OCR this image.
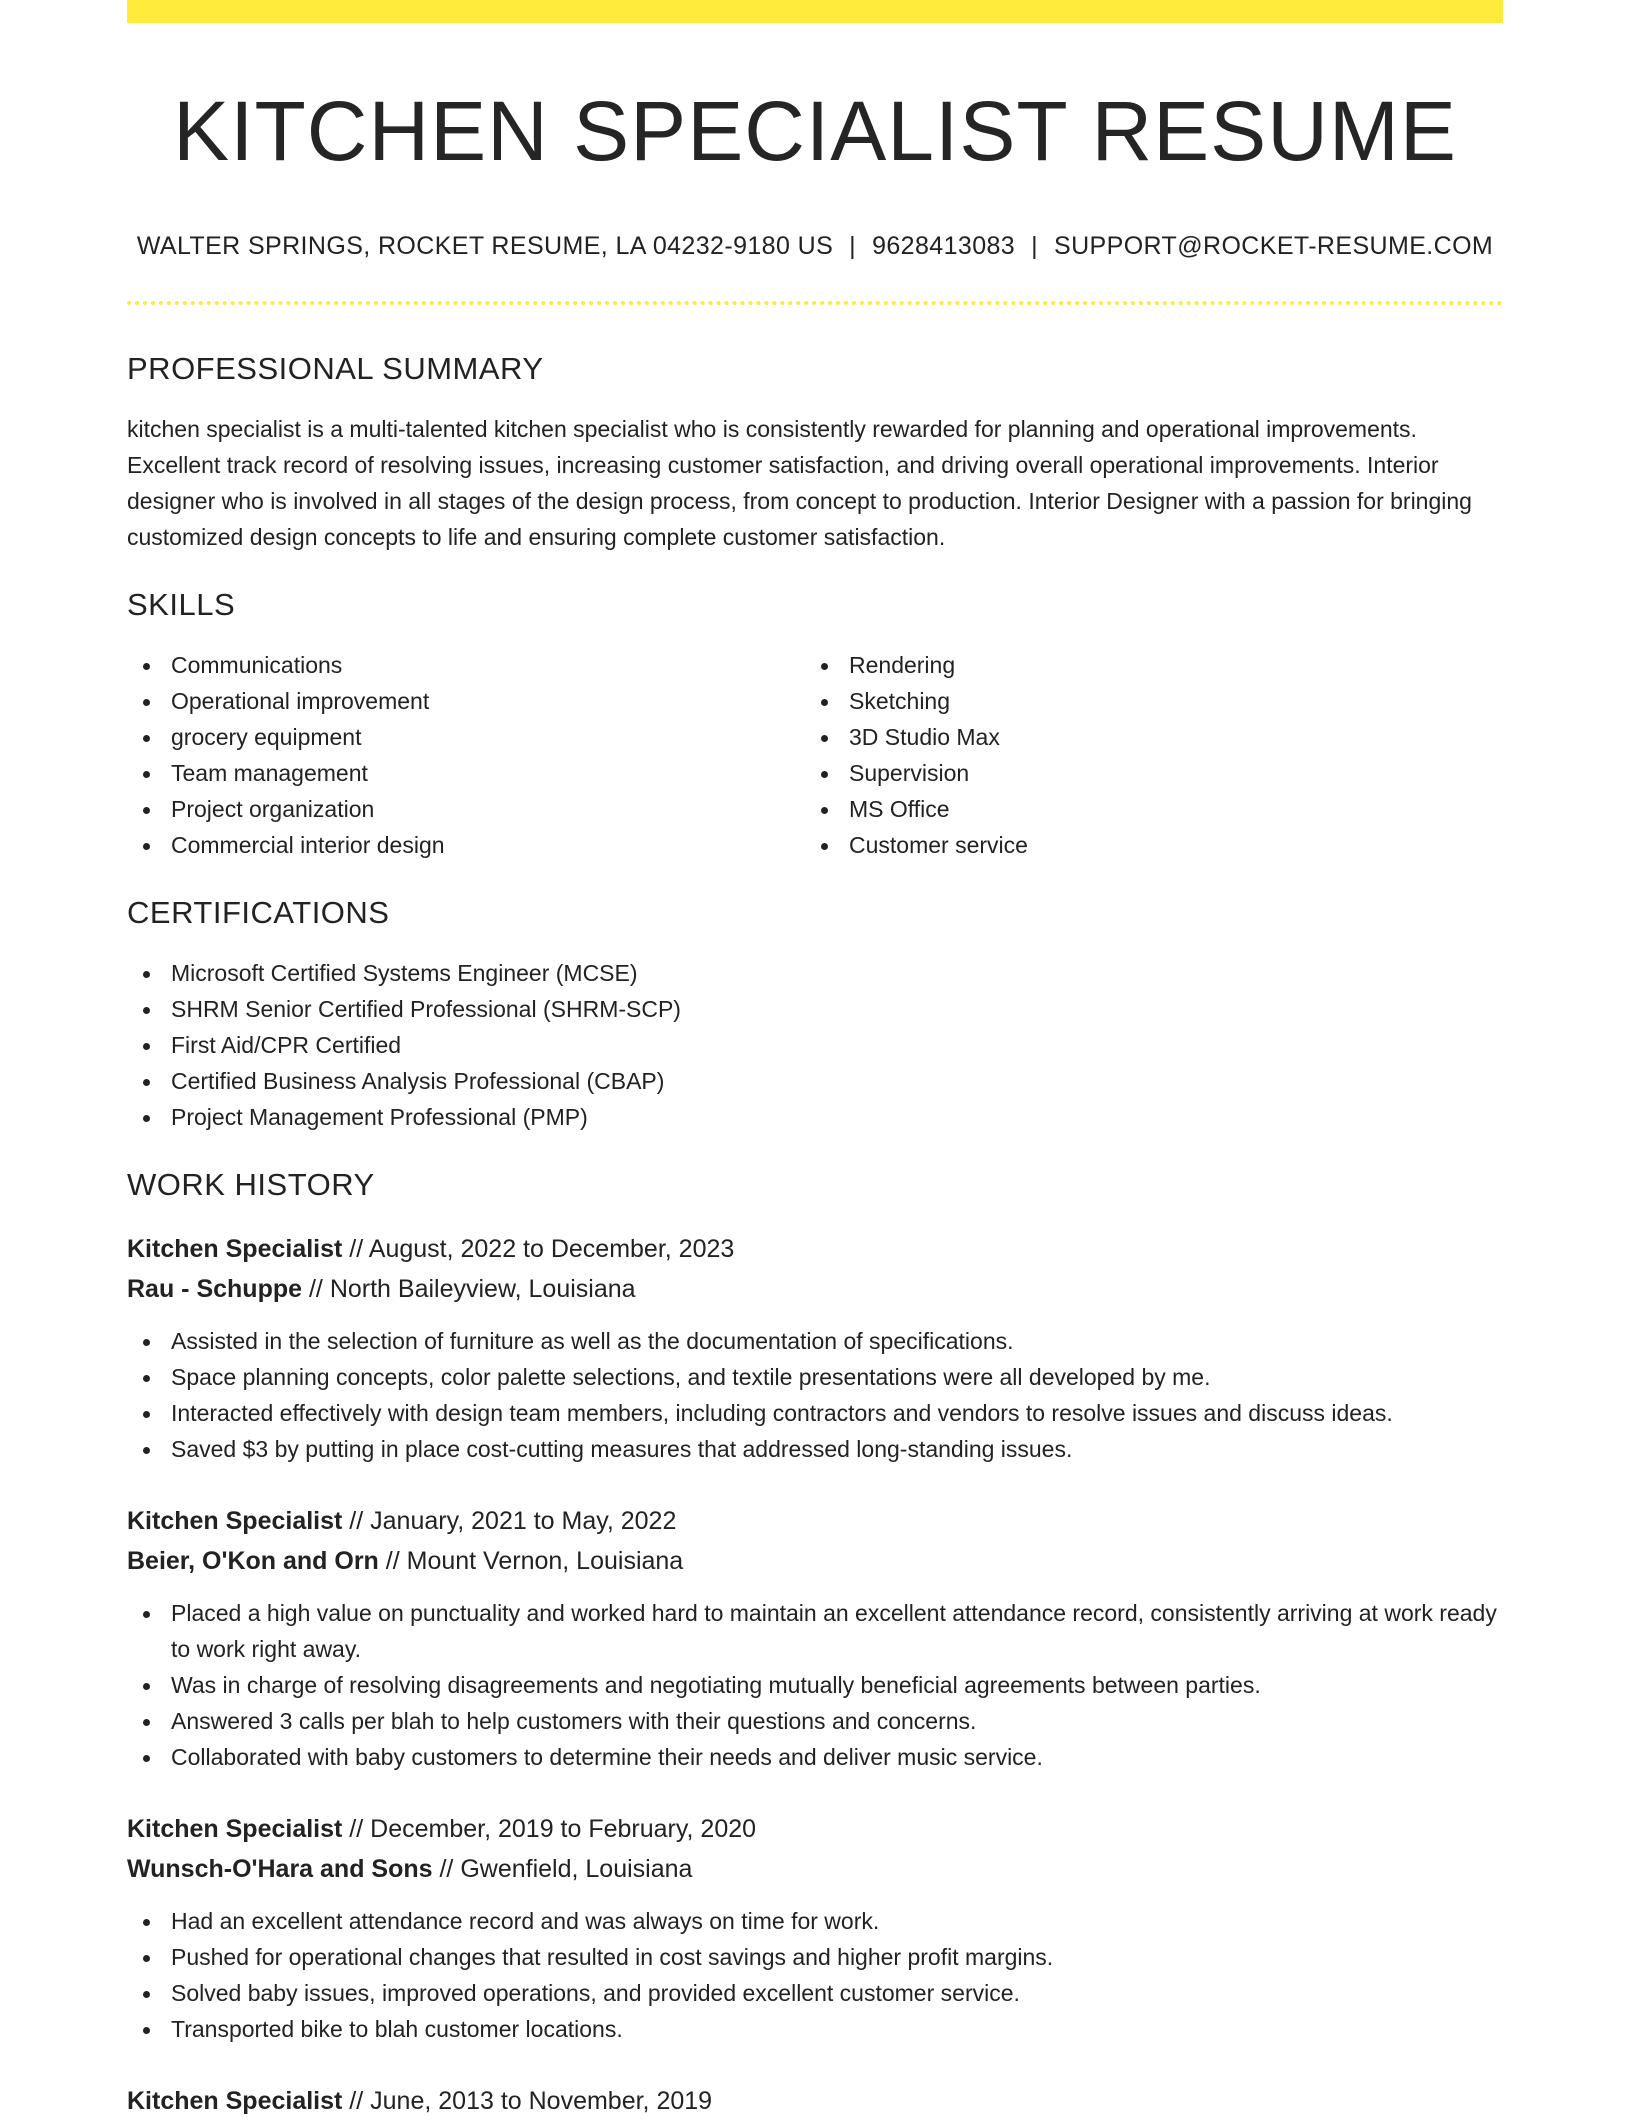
KITCHEN SPECIALIST RESUME
WALTER SPRINGS, ROCKET RESUME, LA 04232-9180 US | 9628413083 | SUPPORT@ROCKET-RESUME.COM
PROFESSIONAL SUMMARY

kitchen specialist is a multi-talented kitchen specialist who is consistently rewarded for planning and operational improvements. Excellent track record of resolving issues, increasing customer satisfaction, and driving overall operational improvements. Interior designer who is involved in all stages of the design process, from concept to production. Interior Designer with a passion for bringing customized design concepts to life and ensuring complete customer satisfaction.

SKILLS
Communications
Operational improvement
grocery equipment
Team management
Project organization
Commercial interior design
Rendering
Sketching
3D Studio Max
Supervision
MS Office
Customer service
CERTIFICATIONS
Microsoft Certified Systems Engineer (MCSE)
SHRM Senior Certified Professional (SHRM-SCP)
First Aid/CPR Certified
Certified Business Analysis Professional (CBAP)
Project Management Professional (PMP)
WORK HISTORY
Kitchen Specialist // August, 2022 to December, 2023
Rau - Schuppe // North Baileyview, Louisiana
Assisted in the selection of furniture as well as the documentation of specifications.
Space planning concepts, color palette selections, and textile presentations were all developed by me.
Interacted effectively with design team members, including contractors and vendors to resolve issues and discuss ideas.
Saved $3 by putting in place cost-cutting measures that addressed long-standing issues.
Kitchen Specialist // January, 2021 to May, 2022
Beier, O'Kon and Orn // Mount Vernon, Louisiana
Placed a high value on punctuality and worked hard to maintain an excellent attendance record, consistently arriving at work ready to work right away.
Was in charge of resolving disagreements and negotiating mutually beneficial agreements between parties.
Answered 3 calls per blah to help customers with their questions and concerns.
Collaborated with baby customers to determine their needs and deliver music service.
Kitchen Specialist // December, 2019 to February, 2020
Wunsch-O'Hara and Sons // Gwenfield, Louisiana
Had an excellent attendance record and was always on time for work.
Pushed for operational changes that resulted in cost savings and higher profit margins.
Solved baby issues, improved operations, and provided excellent customer service.
Transported bike to blah customer locations.
Kitchen Specialist // June, 2013 to November, 2019
